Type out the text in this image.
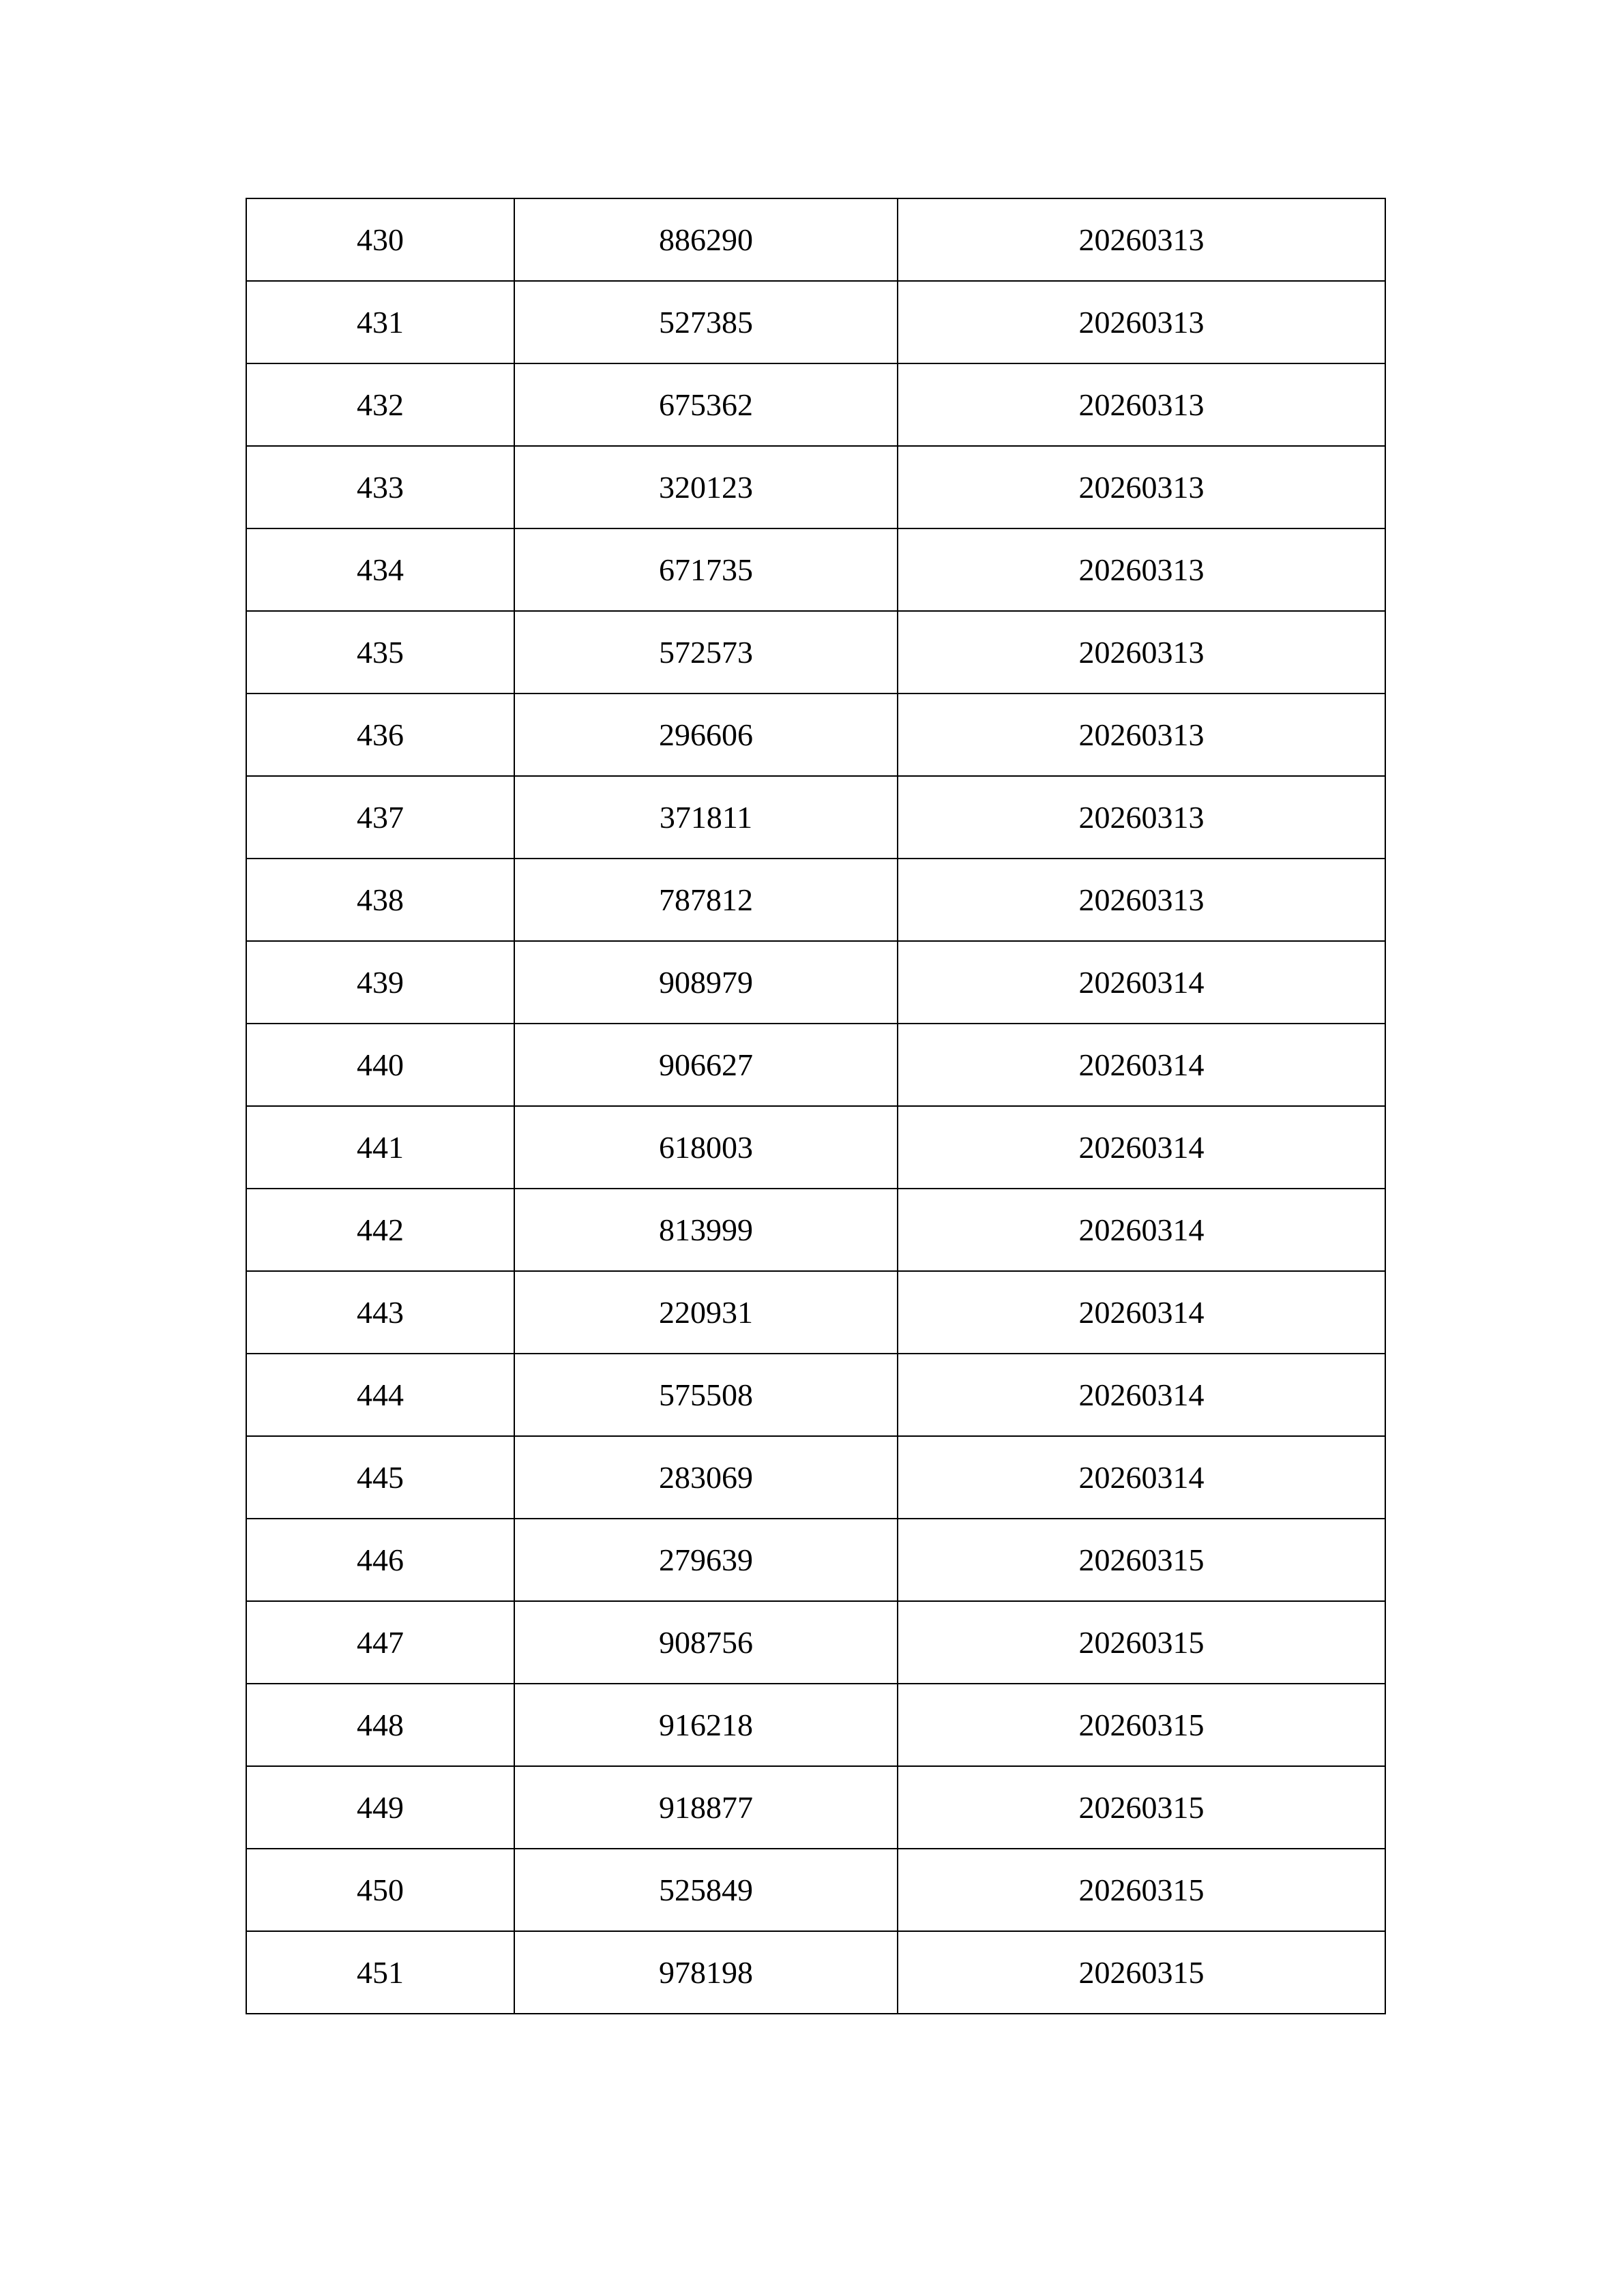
430	886290	20260313
431	527385	20260313
432	675362	20260313
433	320123	20260313
434	671735	20260313
435	572573	20260313
436	296606	20260313
437	371811	20260313
438	787812	20260313
439	908979	20260314
440	906627	20260314
441	618003	20260314
442	813999	20260314
443	220931	20260314
444	575508	20260314
445	283069	20260314
446	279639	20260315
447	908756	20260315
448	916218	20260315
449	918877	20260315
450	525849	20260315
451	978198	20260315
